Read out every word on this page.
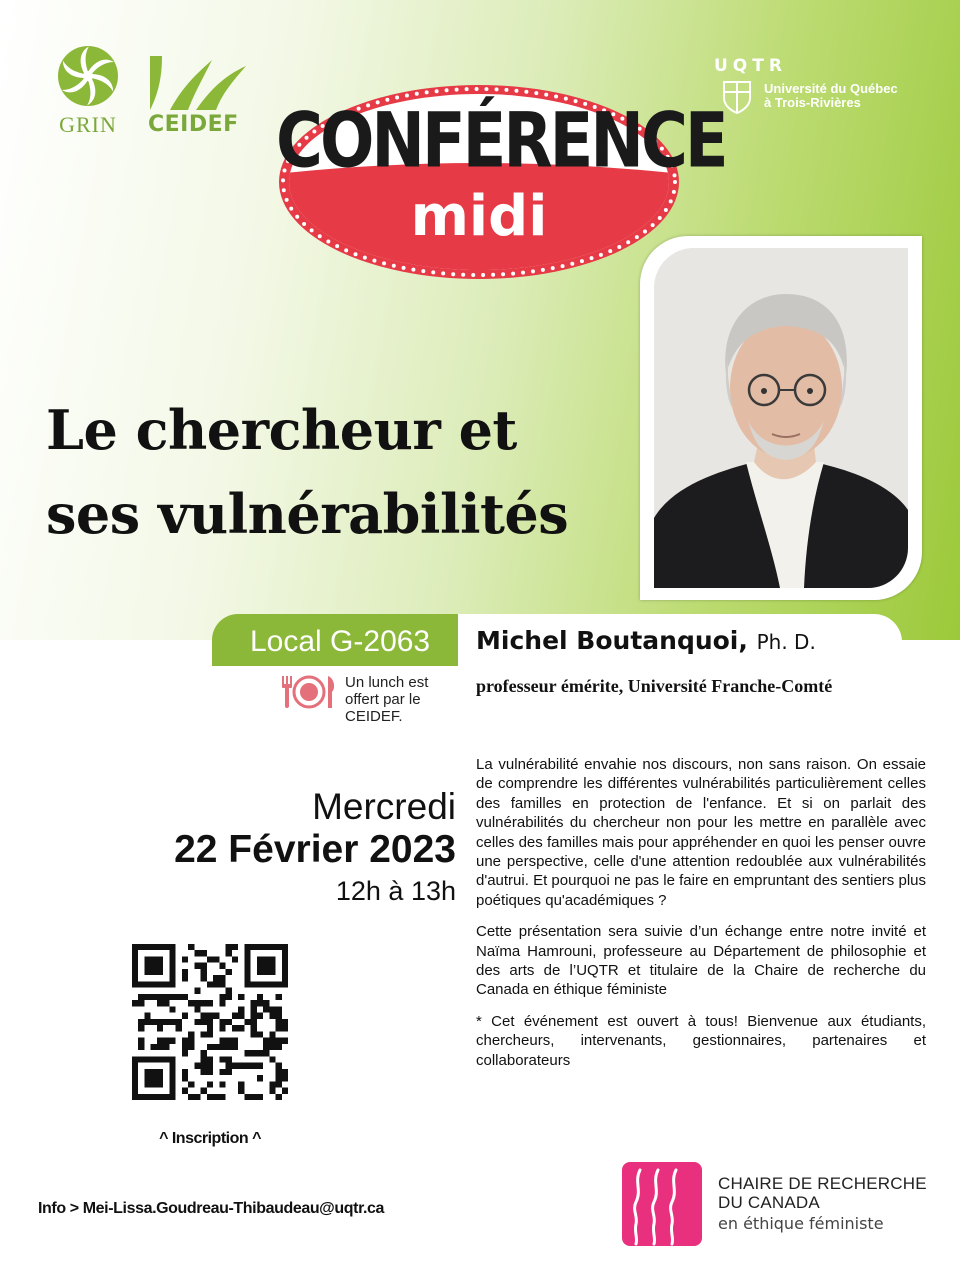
GRIN	CEIDEF
UQTR
Université du Québec
à Trois-Rivières
CONFÉRENCE
midi
Le chercheur et
ses vulnérabilités
Michel Boutanquoi, Ph. D.
professeur émérite, Université Franche-Comté
Local G-2063
Un lunch est
offert par le
CEIDEF.
Mercredi
22 Février 2023
12h à 13h
^ Inscription ^

La vulnérabilité envahie nos discours, non sans raison. On essaie de comprendre les différentes vulnérabilités particulièrement celles des familles en protection de l'enfance. Et si on parlait des vulnérabilités du chercheur non pour les mettre en parallèle avec celles des familles mais pour appréhender en quoi les penser ouvre une perspective, celle d'une attention redoublée aux vulnérabilités d'autrui. Et pourquoi ne pas le faire en empruntant des sentiers plus poétiques qu'académiques ?

Cette présentation sera suivie d’un échange entre notre invité et Naïma Hamrouni, professeure au Département de philosophie et des arts de l’UQTR et titulaire de la Chaire de recherche du Canada en éthique féministe

* Cet événement est ouvert à tous! Bienvenue aux étudiants, chercheurs, intervenants, gestionnaires, partenaires et collaborateurs

Info > Mei-Lissa.Goudreau-Thibaudeau@uqtr.ca
CHAIRE DE RECHERCHE
DU CANADA
en éthique féministe
